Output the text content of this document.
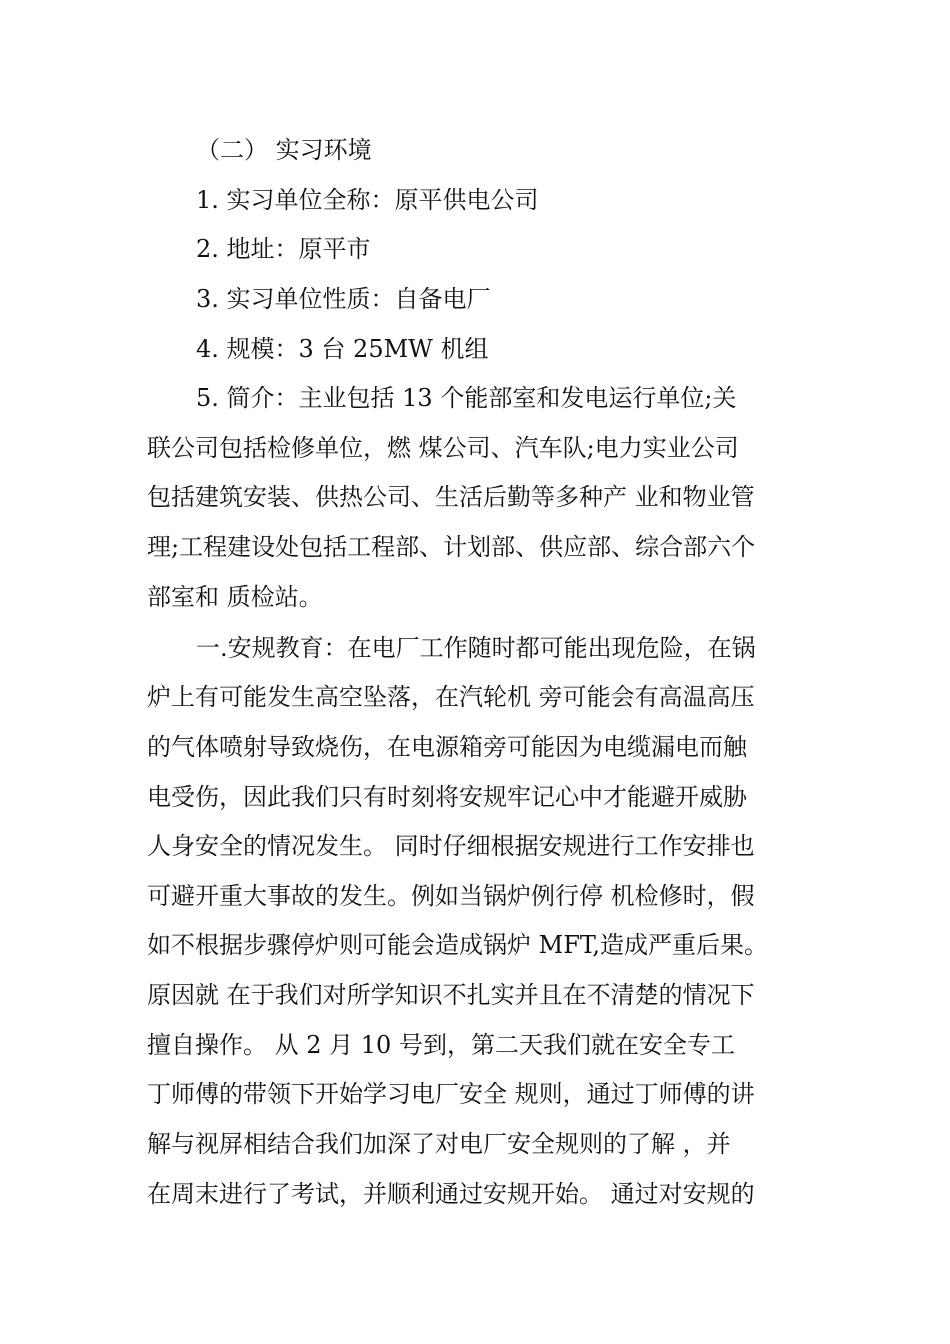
（二） 实习环境
1. 实习单位全称：原平供电公司
2. 地址：原平市
3. 实习单位性质：自备电厂
4. 规模：3 台 25MW 机组
5. 简介：主业包括 13 个能部室和发电运行单位;关
联公司包括检修单位，燃 煤公司、汽车队;电力实业公司
包括建筑安装、供热公司、生活后勤等多种产 业和物业管
理;工程建设处包括工程部、计划部、供应部、综合部六个
部室和 质检站。
一.安规教育：在电厂工作随时都可能出现危险，在锅
炉上有可能发生高空坠落，在汽轮机 旁可能会有高温高压
的气体喷射导致烧伤，在电源箱旁可能因为电缆漏电而触
电受伤，因此我们只有时刻将安规牢记心中才能避开威胁
人身安全的情况发生。 同时仔细根据安规进行工作安排也
可避开重大事故的发生。例如当锅炉例行停 机检修时，假
如不根据步骤停炉则可能会造成锅炉 MFT,造成严重后果。
原因就 在于我们对所学知识不扎实并且在不清楚的情况下
擅自操作。 从 2 月 10 号到，第二天我们就在安全专工
丁师傅的带领下开始学习电厂安全 规则，通过丁师傅的讲
解与视屏相结合我们加深了对电厂安全规则的了解 ，并
在周末进行了考试，并顺利通过安规开始。 通过对安规的
